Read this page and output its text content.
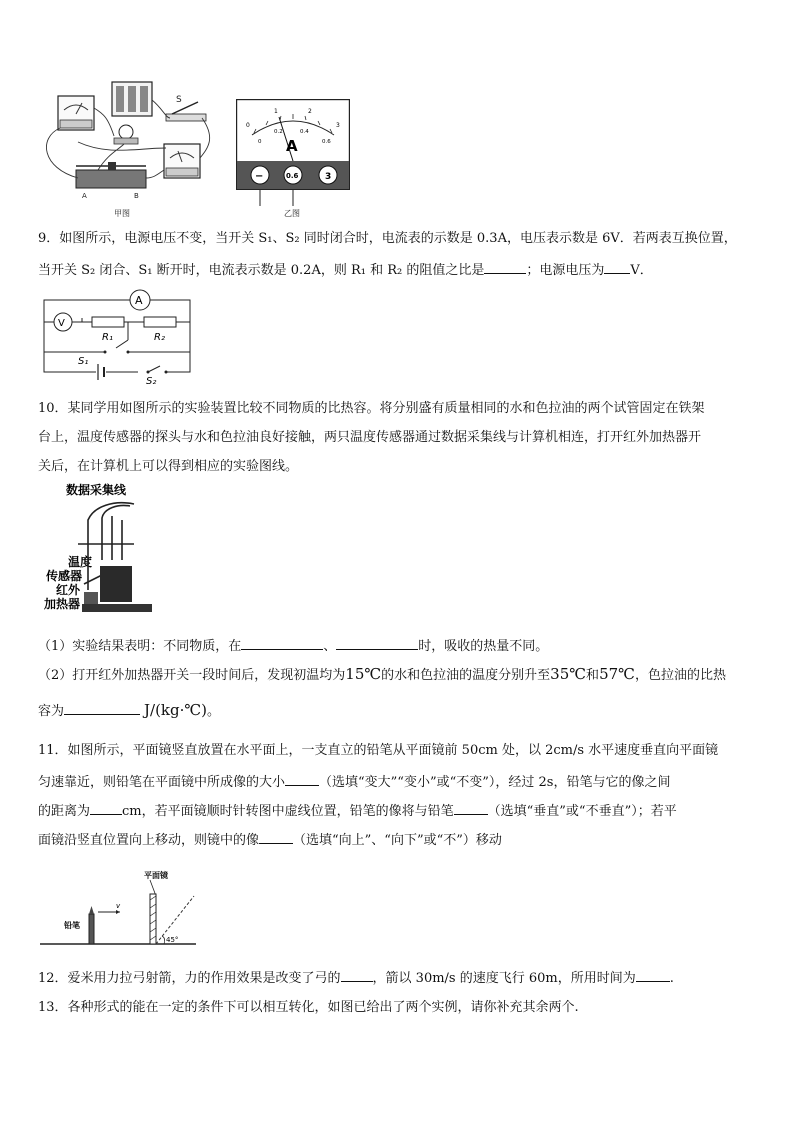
S
A	B
甲图
0
1	2
3
0
0.2	0.4
0.6
A
−	0.6	3
乙图
9．如图所示，电源电压不变，当开关 S₁、S₂ 同时闭合时，电流表的示数是 0.3A，电压表示数是 6V．若两表互换位置，
当开关 S₂ 闭合、S₁ 断开时，电流表示数是 0.2A，则 R₁ 和 R₂ 的阻值之比是	；电源电压为 V．
A
V
R₁	R₂
S₁
S₂
10．某同学用如图所示的实验装置比较不同物质的比热容。将分别盛有质量相同的水和色拉油的两个试管固定在铁架
台上，温度传感器的探头与水和色拉油良好接触，两只温度传感器通过数据采集线与计算机相连，打开红外加热器开
关后，在计算机上可以得到相应的实验图线。
数据采集线
温度
传感器
红外
加热器
（1）实验结果表明：不同物质，在	、	时，吸收的热量不同。
（2）打开红外加热器开关一段时间后，发现初温均为15℃的水和色拉油的温度分别升至35℃和57℃，色拉油的比热
容为	J/(kg·℃)。
11．如图所示，平面镜竖直放置在水平面上，一支直立的铅笔从平面镜前 50cm 处，以 2cm/s 水平速度垂直向平面镜
匀速靠近，则铅笔在平面镜中所成像的大小	（选填“变大”“变小”或“不变”），经过 2s，铅笔与它的像之间
的距离为 cm，若平面镜顺时针转图中虚线位置，铅笔的像将与铅笔	（选填“垂直”或“不垂直”）；若平
面镜沿竖直位置向上移动，则镜中的像	（选填“向上”、“向下”或“不”）移动
平面镜
45°
铅笔
v
12．爱米用力拉弓射箭，力的作用效果是改变了弓的 ，箭以 30m/s 的速度飞行 60m，所用时间为	.
13．各种形式的能在一定的条件下可以相互转化，如图已给出了两个实例，请你补充其余两个.
